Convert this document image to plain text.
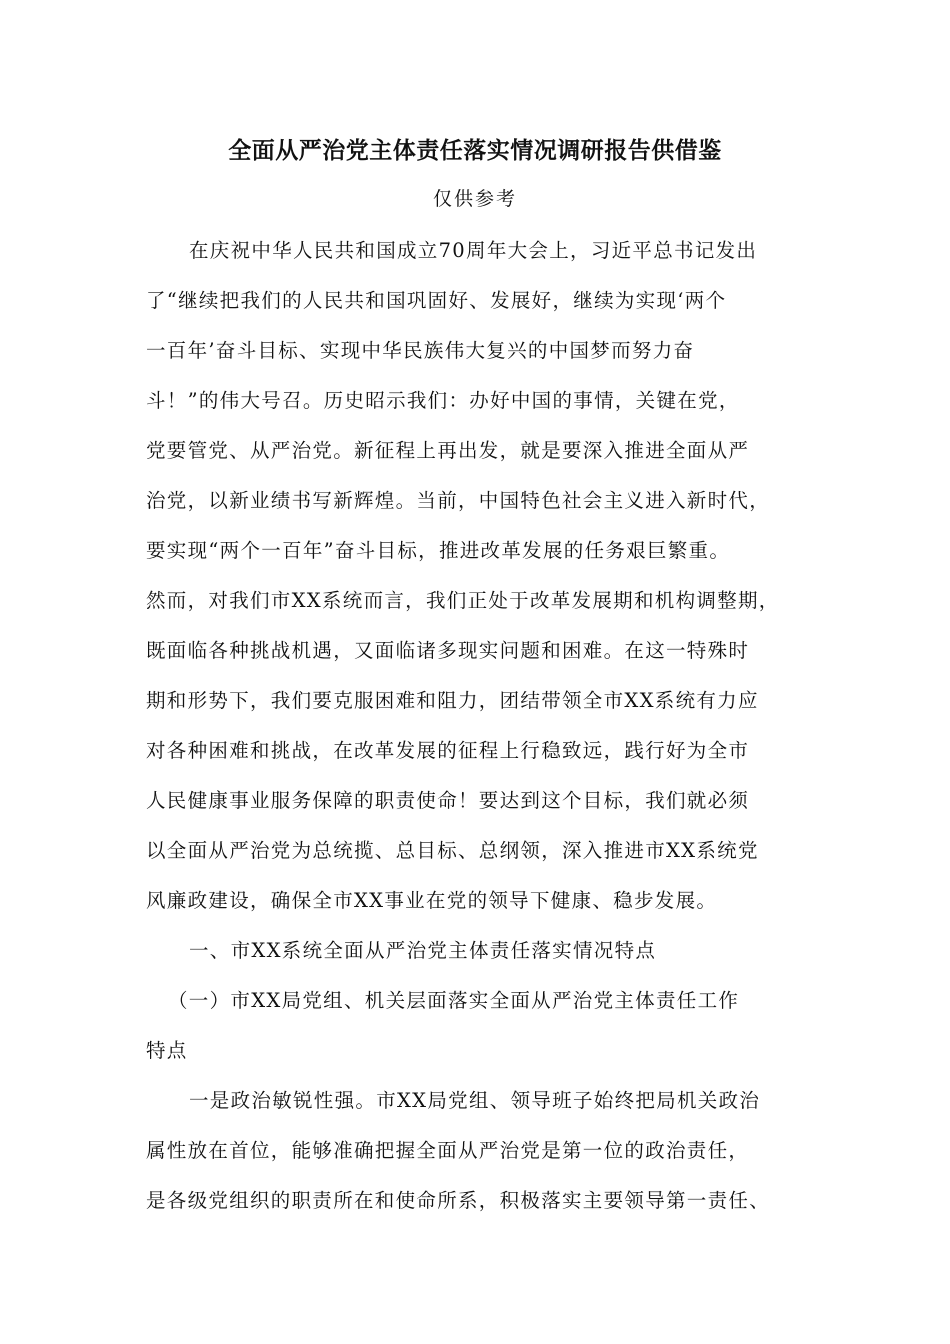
全面从严治党主体责任落实情况调研报告供借鉴
仅供参考
在庆祝中华人民共和国成立70周年大会上，习近平总书记发出
了“继续把我们的人民共和国巩固好、发展好，继续为实现‘两个
一百年’奋斗目标、实现中华民族伟大复兴的中国梦而努力奋
斗！”的伟大号召。历史昭示我们：办好中国的事情，关键在党，
党要管党、从严治党。新征程上再出发，就是要深入推进全面从严
治党，以新业绩书写新辉煌。当前，中国特色社会主义进入新时代，
要实现“两个一百年”奋斗目标，推进改革发展的任务艰巨繁重。
然而，对我们市XX系统而言，我们正处于改革发展期和机构调整期，
既面临各种挑战机遇，又面临诸多现实问题和困难。在这一特殊时
期和形势下，我们要克服困难和阻力，团结带领全市XX系统有力应
对各种困难和挑战，在改革发展的征程上行稳致远，践行好为全市
人民健康事业服务保障的职责使命！要达到这个目标，我们就必须
以全面从严治党为总统揽、总目标、总纲领，深入推进市XX系统党
风廉政建设，确保全市XX事业在党的领导下健康、稳步发展。
一、市XX系统全面从严治党主体责任落实情况特点
（一）市XX局党组、机关层面落实全面从严治党主体责任工作
特点
一是政治敏锐性强。市XX局党组、领导班子始终把局机关政治
属性放在首位，能够准确把握全面从严治党是第一位的政治责任，
是各级党组织的职责所在和使命所系，积极落实主要领导第一责任、
